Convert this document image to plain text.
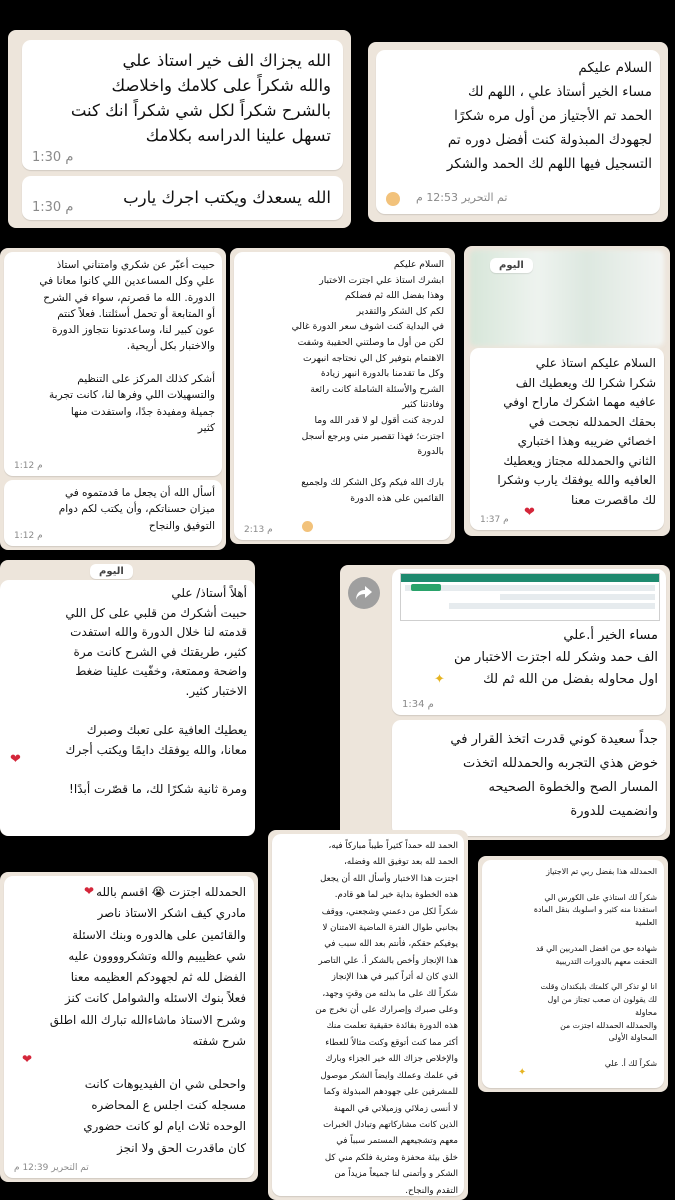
الله يجزاك الف خير استاذ علي
والله شكراً على كلامك واخلاصك
بالشرح شكراً لكل شي شكراً انك كنت
تسهل علينا الدراسه بكلامك
1:30 م
الله يسعدك ويكتب اجرك يارب
1:30 م
السلام عليكم
مساء الخير أستاذ علي ، اللهم لك
الحمد تم الأجتياز من أول مره شكرًا
لجهودك المبذولة كنت أفضل دوره تم
التسجيل فيها اللهم لك الحمد والشكر
تم التحرير 12:53 م
حبيت أعبّر عن شكري وامتناني استاذ
علي وكل المساعدين اللي كانوا معانا في
الدورة. الله ما قصرتم، سواء في الشرح
أو المتابعة أو تحمل أسئلتنا. فعلاً كنتم
عون كبير لنا، وساعدتونا نتجاوز الدورة
والاختبار بكل أريحية.

أشكر كذلك المركز على التنظيم
والتسهيلات اللي وفرها لنا، كانت تجربة
جميلة ومفيدة جدًا، واستفدت منها
كثير
1:12 م
أسأل الله أن يجعل ما قدمتموه في
ميزان حسناتكم، وأن يكتب لكم دوام
التوفيق والنجاح
1:12 م
السلام عليكم
ابشرك استاذ علي اجتزت الاختبار
وهذا بفضل الله ثم فضلكم
لكم كل الشكر والتقدير
في البداية كنت اشوف سعر الدورة غالي
لكن من أول ما وصلتني الحقيبة وشفت
الاهتمام بتوفير كل الي نحتاجه انبهرت
وكل ما تقدمنا بالدورة انبهر زيادة
الشرح والأسئلة الشاملة كانت رائعة
وفادتنا كثير
لدرجة كنت أقول لو لا قدر الله وما
اجتزت؛ فهذا تقصير مني وبرجع أسجل
بالدورة

بارك الله فيكم وكل الشكر لك ولجميع
القائمين على هذه الدورة
2:13 م
اليوم
السلام عليكم استاذ علي
شكرا شكرا لك ويعطيك الف
عافيه مهما اشكرك ماراح اوفي
بحقك الحمدلله نجحت في
اخصائي ضريبه وهذا اختباري
الثاني والحمدلله مجتاز ويعطيك
العافيه والله يوفقك يارب وشكرا
لك ماقصرت معنا
❤
1:37 م
اليوم
أهلاً أستاذ/ علي
حبيت أشكرك من قلبي على كل اللي
قدمته لنا خلال الدورة والله استفدت
كثير، طريقتك في الشرح كانت مرة
واضحة وممتعة، وخفّيت علينا ضغط
الاختبار كثير.

يعطيك العافية على تعبك وصبرك
معانا، والله يوفقك دايمًا ويكتب أجرك

ومرة ثانية شكرًا لك، ما قصّرت أبدًا!
❤
مساء الخير أ.علي
الف حمد وشكر لله اجتزت الاختبار من
اول محاوله بفضل من الله ثم لك
✦
1:34 م
جداً سعيدة كوني قدرت اتخذ القرار في
خوض هذي التجربه والحمدلله اتخذت
المسار الصح والخطوة الصحيحه
وانضميت للدورة
الحمدلله اجتزت 😭 اقسم بالله
مادري كيف اشكر الاستاذ ناصر
والقائمين على هالدوره وبنك الاسئلة
شي عظيييم والله وتشكروووون عليه
الفضل لله ثم لجهودكم العظيمه معنا
فعلاً بنوك الاسئله والشوامل كانت كنز
وشرح الاستاذ ماشاءالله تبارك الله اطلق
شرح شفته

واححلى شي ان الفيديوهات كانت
مسجله كنت اجلس ع المحاضره
الوحده ثلاث ايام لو كانت حضوري
كان ماقدرت الحق ولا انجز
❤
❤
تم التحرير 12:39 م
الحمد لله حمداً كثيراً طيباً مباركاً فيه،
الحمد لله بعد توفيق الله وفضله،
اجتزت هذا الاختبار وأسأل الله أن يجعل
هذه الخطوة بداية خير لما هو قادم.
شكراً لكل من دعمني وشجعني، ووقف
بجانبي طوال الفترة الماضية الامتنان لا
يوفيكم حقكم، فأنتم بعد الله سبب في
هذا الإنجاز وأخص بالشكر أ. علي التاصر
الذي كان له أثراً كبير في هذا الإنجاز
شكراً لك على ما بذلته من وقتٍ وجهد،
وعلى صبرك وإصرارك على أن نخرج من
هذه الدورة بفائدة حقيقية تعلمت منك
أكثر مما كنت أتوقع وكنت مثالاً للعطاء
والإخلاص جزاك الله خير الجزاء وبارك
في علمك وعملك وايضاً الشكر موصول
للمشرفين على جهودهم المبذولة وكما
لا أنسى زملائي وزميلاتي في المهنة
الذين كانت مشاركاتهم وتبادل الخبرات
معهم وتشجيعهم المستمر سبباً في
خلق بيئة محفزة ومثرية فلكم مني كل
الشكر و وأتمنى لنا جميعاً مزيداً من
التقدم والنجاح.
الحمدلله هذا بفضل ربي تم الاجتياز

شكراً لك استاذي على الكورس الي
استفدنا منه كثير و اسلوبك بنقل المادة
العلمية

شهادة حق من افضل المدربين الي قد
التحقت معهم بالدورات التدريبية

انا لو تذكر الي كلمتك بلبكندان وقلت
لك يقولون ان صعب تجتاز من اول
محاولة
والحمدلله الحمدلله اجتزت من
المحاولة الأولى

شكراً لك أ. علي
✦
